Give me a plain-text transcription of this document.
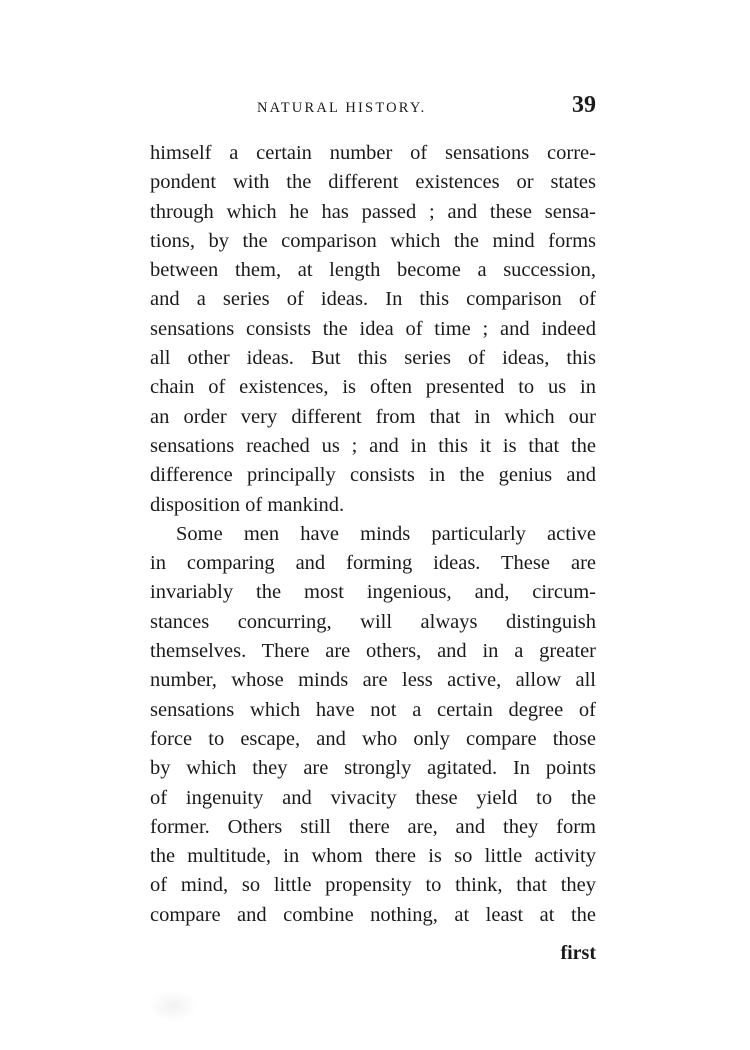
NATURAL HISTORY.	39
himself a certain number of sensations corre-
pondent with the different existences or states
through which he has passed ; and these sensa-
tions, by the comparison which the mind forms
between them, at length become a succession,
and a series of ideas. In this comparison of
sensations consists the idea of time ; and indeed
all other ideas. But this series of ideas, this
chain of existences, is often presented to us in
an order very different from that in which our
sensations reached us ; and in this it is that the
difference principally consists in the genius and
disposition of mankind.
Some men have minds particularly active
in comparing and forming ideas. These are
invariably the most ingenious, and, circum-
stances concurring, will always distinguish
themselves. There are others, and in a greater
number, whose minds are less active, allow all
sensations which have not a certain degree of
force to escape, and who only compare those
by which they are strongly agitated. In points
of ingenuity and vivacity these yield to the
former. Others still there are, and they form
the multitude, in whom there is so little activity
of mind, so little propensity to think, that they
compare and combine nothing, at least at the
first
